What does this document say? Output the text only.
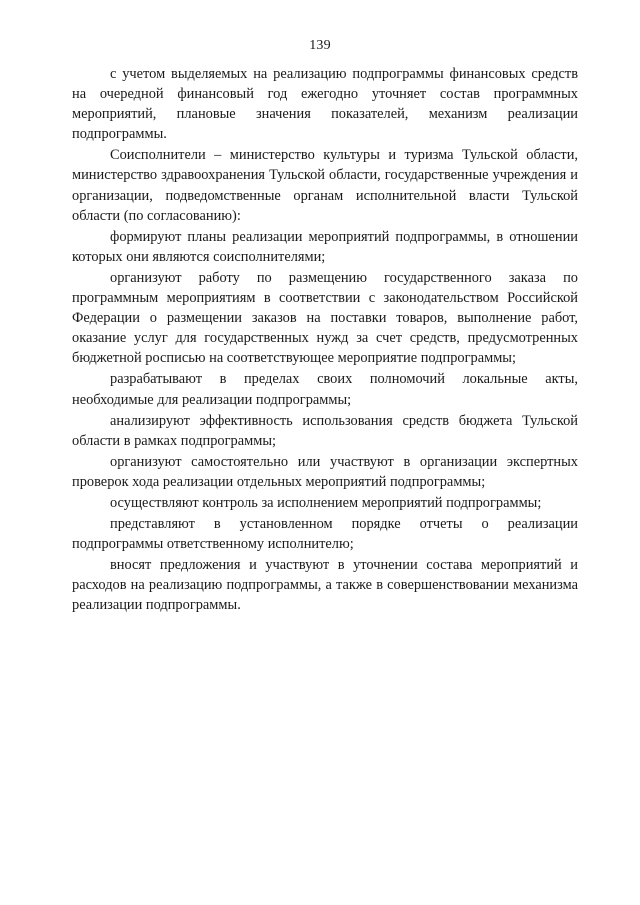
139

с учетом выделяемых на реализацию подпрограммы финансовых средств на очередной финансовый год ежегодно уточняет состав программных мероприятий, плановые значения показателей, механизм реализации подпрограммы.

Соисполнители – министерство культуры и туризма Тульской области, министерство здравоохранения Тульской области, государственные учреждения и организации, подведомственные органам исполнительной власти Тульской области (по согласованию):

формируют планы реализации мероприятий подпрограммы, в отношении которых они являются соисполнителями;

организуют работу по размещению государственного заказа по программным мероприятиям в соответствии с законодательством Российской Федерации о размещении заказов на поставки товаров, выполнение работ, оказание услуг для государственных нужд за счет средств, предусмотренных бюджетной росписью на соответствующее мероприятие подпрограммы;

разрабатывают в пределах своих полномочий локальные акты, необходимые для реализации подпрограммы;

анализируют эффективность использования средств бюджета Тульской области в рамках подпрограммы;

организуют самостоятельно или участвуют в организации экспертных проверок хода реализации отдельных мероприятий подпрограммы;

осуществляют контроль за исполнением мероприятий подпрограммы;

представляют в установленном порядке отчеты о реализации подпрограммы ответственному исполнителю;

вносят предложения и участвуют в уточнении состава мероприятий и расходов на реализацию подпрограммы, а также в совершенствовании механизма реализации подпрограммы.
